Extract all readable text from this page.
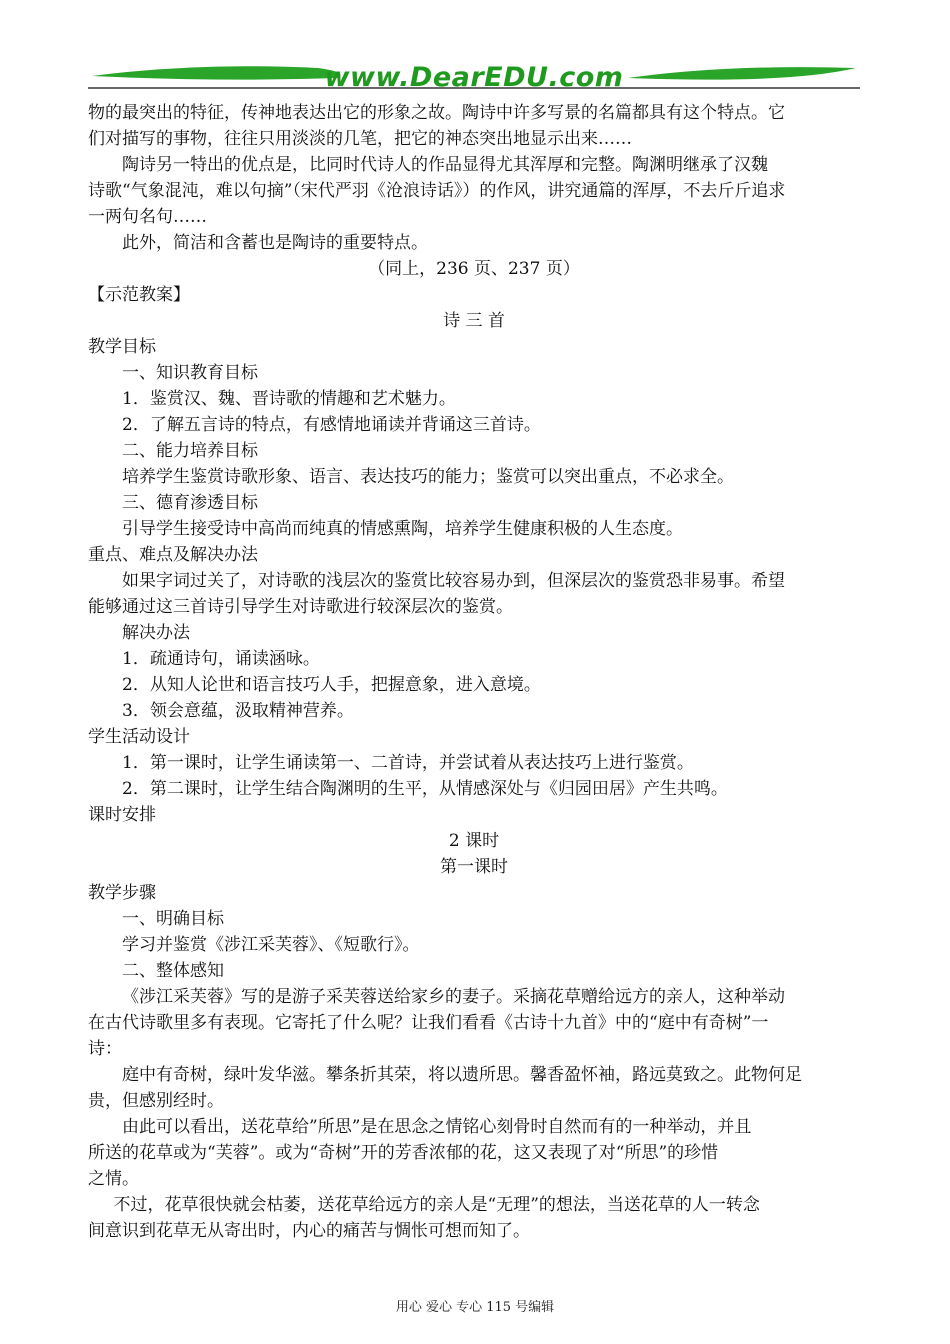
www.DearEDU.com

物的最突出的特征，传神地表达出它的形象之故。陶诗中许多写景的名篇都具有这个特点。它

们对描写的事物，往往只用淡淡的几笔，把它的神态突出地显示出来……

陶诗另一特出的优点是，比同时代诗人的作品显得尤其浑厚和完整。陶渊明继承了汉魏

诗歌“气象混沌，难以句摘”（宋代严羽《沧浪诗话》）的作风，讲究通篇的浑厚，不去斤斤追求

一两句名句……

此外，简洁和含蓄也是陶诗的重要特点。

（同上，236 页、237 页）

【示范教案】

诗 三 首

教学目标

一、知识教育目标

1．鉴赏汉、魏、晋诗歌的情趣和艺术魅力。

2．了解五言诗的特点，有感情地诵读并背诵这三首诗。

二、能力培养目标

培养学生鉴赏诗歌形象、语言、表达技巧的能力；鉴赏可以突出重点，不必求全。

三、德育渗透目标

引导学生接受诗中高尚而纯真的情感熏陶，培养学生健康积极的人生态度。

重点、难点及解决办法

如果字词过关了，对诗歌的浅层次的鉴赏比较容易办到，但深层次的鉴赏恐非易事。希望

能够通过这三首诗引导学生对诗歌进行较深层次的鉴赏。

解决办法

1．疏通诗句，诵读涵咏。

2．从知人论世和语言技巧人手，把握意象，进入意境。

3．领会意蕴，汲取精神营养。

学生活动设计

1．第一课时，让学生诵读第一、二首诗，并尝试着从表达技巧上进行鉴赏。

2．第二课时，让学生结合陶渊明的生平，从情感深处与《归园田居》产生共鸣。

课时安排

2 课时

第一课时

教学步骤

一、明确目标

学习并鉴赏《涉江采芙蓉》、《短歌行》。

二、整体感知

《涉江采芙蓉》写的是游子采芙蓉送给家乡的妻子。采摘花草赠给远方的亲人，这种举动

在古代诗歌里多有表现。它寄托了什么呢？让我们看看《古诗十九首》中的“庭中有奇树”一

诗：

庭中有奇树，绿叶发华滋。攀条折其荣，将以遗所思。馨香盈怀袖，路远莫致之。此物何足

贵，但感别经时。

由此可以看出，送花草给”所思”是在思念之情铭心刻骨时自然而有的一种举动，并且

所送的花草或为“芙蓉”。或为“奇树”开的芳香浓郁的花，这又表现了对“所思”的珍惜

之情。

不过，花草很快就会枯萎，送花草给远方的亲人是“无理”的想法，当送花草的人一转念

间意识到花草无从寄出时，内心的痛苦与惆怅可想而知了。

用心 爱心 专心 115 号编辑
